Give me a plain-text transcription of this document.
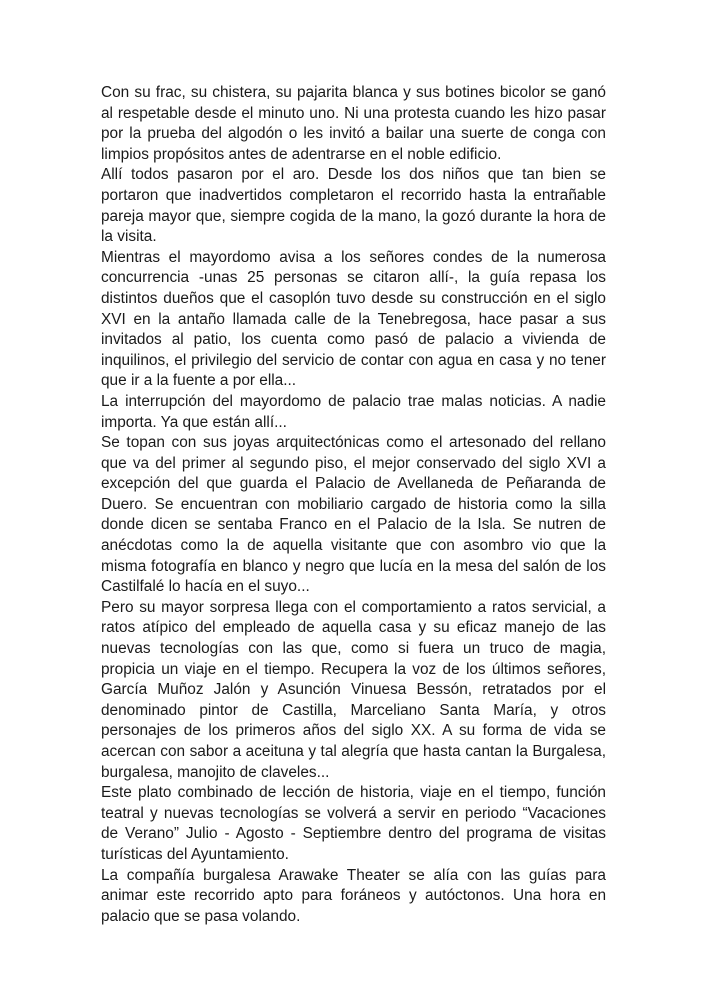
Con su frac, su chistera, su pajarita blanca y sus botines bicolor se ganó al respetable desde el minuto uno. Ni una protesta cuando les hizo pasar por la prueba del algodón o les invitó a bailar una suerte de conga con limpios propósitos antes de adentrarse en el noble edificio.

Allí todos pasaron por el aro. Desde los dos niños que tan bien se portaron que inadvertidos completaron el recorrido hasta la entrañable pareja mayor que, siempre cogida de la mano, la gozó durante la hora de la visita.

Mientras el mayordomo avisa a los señores condes de la numerosa concurrencia -unas 25 personas se citaron allí-, la guía repasa los distintos dueños que el casoplón tuvo desde su construcción en el siglo XVI en la antaño llamada calle de la Tenebregosa, hace pasar a sus invitados al patio, los cuenta como pasó de palacio a vivienda de inquilinos, el privilegio del servicio de contar con agua en casa y no tener que ir a la fuente a por ella...

La interrupción del mayordomo de palacio trae malas noticias. A nadie importa. Ya que están allí...

Se topan con sus joyas arquitectónicas como el artesonado del rellano que va del primer al segundo piso, el mejor conservado del siglo XVI a excepción del que guarda el Palacio de Avellaneda de Peñaranda de Duero. Se encuentran con mobiliario cargado de historia como la silla donde dicen se sentaba Franco en el Palacio de la Isla. Se nutren de anécdotas como la de aquella visitante que con asombro vio que la misma fotografía en blanco y negro que lucía en la mesa del salón de los Castilfalé lo hacía en el suyo...

Pero su mayor sorpresa llega con el comportamiento a ratos servicial, a ratos atípico del empleado de aquella casa y su eficaz manejo de las nuevas tecnologías con las que, como si fuera un truco de magia, propicia un viaje en el tiempo. Recupera la voz de los últimos señores, García Muñoz Jalón y Asunción Vinuesa Bessón, retratados por el denominado pintor de Castilla, Marceliano Santa María, y otros personajes de los primeros años del siglo XX. A su forma de vida se acercan con sabor a aceituna y tal alegría que hasta cantan la Burgalesa, burgalesa, manojito de claveles...

Este plato combinado de lección de historia, viaje en el tiempo, función teatral y nuevas tecnologías se volverá a servir en periodo “Vacaciones de Verano” Julio - Agosto - Septiembre dentro del programa de visitas turísticas del Ayuntamiento.

La compañía burgalesa Arawake Theater se alía con las guías para animar este recorrido apto para foráneos y autóctonos. Una hora en palacio que se pasa volando.
